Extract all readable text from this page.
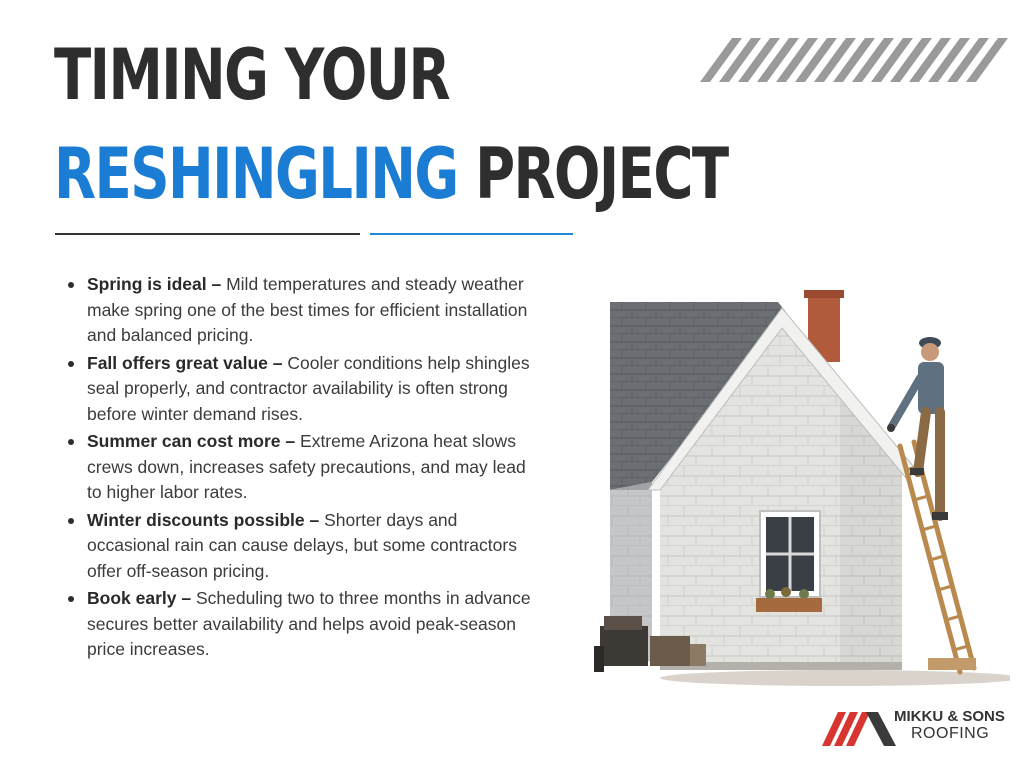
TIMING YOUR
RESHINGLING PROJECT
Spring is ideal – Mild temperatures and steady weather make spring one of the best times for efficient installation and balanced pricing.
Fall offers great value – Cooler conditions help shingles seal properly, and contractor availability is often strong before winter demand rises.
Summer can cost more – Extreme Arizona heat slows crews down, increases safety precautions, and may lead to higher labor rates.
Winter discounts possible – Shorter days and occasional rain can cause delays, but some contractors offer off-season pricing.
Book early – Scheduling two to three months in advance secures better availability and helps avoid peak-season price increases.
MIKKU & SONS
ROOFING
